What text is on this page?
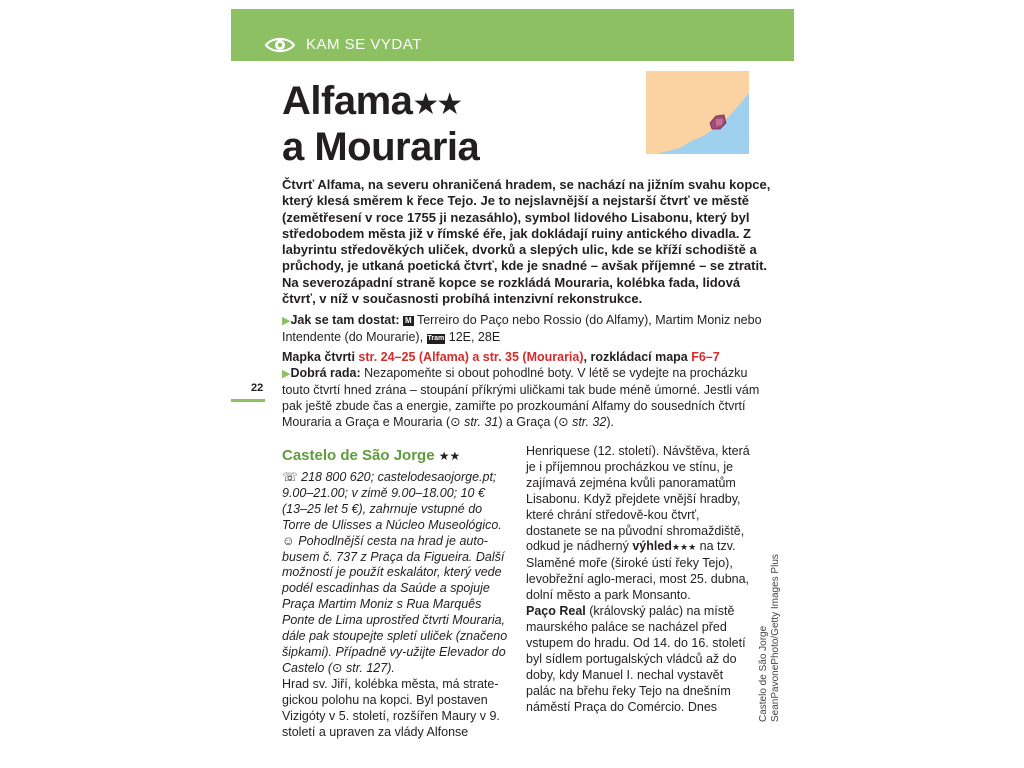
KAM SE VYDAT
Alfama★★
a Mouraria
Čtvrť Alfama, na severu ohraničená hradem, se nachází na jižním svahu kopce, který klesá směrem k řece Tejo. Je to nejslavnější a nejstarší čtvrť ve městě (zemětřesení v roce 1755 ji nezasáhlo), symbol lidového Lisabonu, který byl středobodem města již v římské éře, jak dokládají ruiny antického divadla. Z labyrintu středověkých uliček, dvorků a slepých ulic, kde se kříží schodiště a průchody, je utkaná poetická čtvrť, kde je snadné – avšak příjemné – se ztratit. Na severozápadní straně kopce se rozkládá Mouraria, kolébka fada, lidová čtvrť, v níž v současnosti probíhá intenzivní rekonstrukce.
▶Jak se tam dostat: M Terreiro do Paço nebo Rossio (do Alfamy), Martim Moniz nebo Intendente (do Mourarie), Tram 12E, 28E
Mapka čtvrti str. 24–25 (Alfama) a str. 35 (Mouraria), rozkládací mapa F6–7
▶Dobrá rada: Nezapomeňte si obout pohodlné boty. V létě se vydejte na procházku touto čtvrtí hned zrána – stoupání příkrými uličkami tak bude méně úmorné. Jestli vám pak ještě zbude čas a energie, zamiřte po prozkoumání Alfamy do sousedních čtvrtí Mouraria a Graça e Mouraria (⊙ str. 31) a Graça (⊙ str. 32).
22
Castelo de São Jorge ★★
☏ 218 800 620; castelodesaojorge.pt; 9.00–21.00; v zimě 9.00–18.00; 10 € (13–25 let 5 €), zahrnuje vstupné do Torre de Ulisses a Núcleo Museológico. ☺ Pohodlnější cesta na hrad je auto-busem č. 737 z Praça da Figueira. Další možností je použít eskalátor, který vede podél escadinhas da Saúde a spojuje Praça Martim Moniz s Rua Marquês Ponte de Lima uprostřed čtvrti Mouraria, dále pak stoupejte spletí uliček (značeno šipkami). Případně vy-užijte Elevador do Castelo (⊙ str. 127).
Hrad sv. Jiří, kolébka města, má strate-gickou polohu na kopci. Byl postaven Vizigóty v 5. století, rozšířen Maury v 9. století a upraven za vlády Alfonse
Henriquese (12. století). Návštěva, která je i příjemnou procházkou ve stínu, je zajímavá zejména kvůli panoramatům Lisabonu. Když přejdete vnější hradby, které chrání středově-kou čtvrť, dostanete se na původní shromaždiště, odkud je nádherný výhled★★★ na tzv. Slaměné moře (široké ústí řeky Tejo), levobřežní aglo-meraci, most 25. dubna, dolní město a park Monsanto.
Paço Real (královský palác) na místě maurského paláce se nacházel před vstupem do hradu. Od 14. do 16. století byl sídlem portugalských vládců až do doby, kdy Manuel I. nechal vystavět palác na břehu řeky Tejo na dnešním náměstí Praça do Comércio. Dnes	Castelo de São Jorge SeanPavonePhoto/Getty Images Plus
